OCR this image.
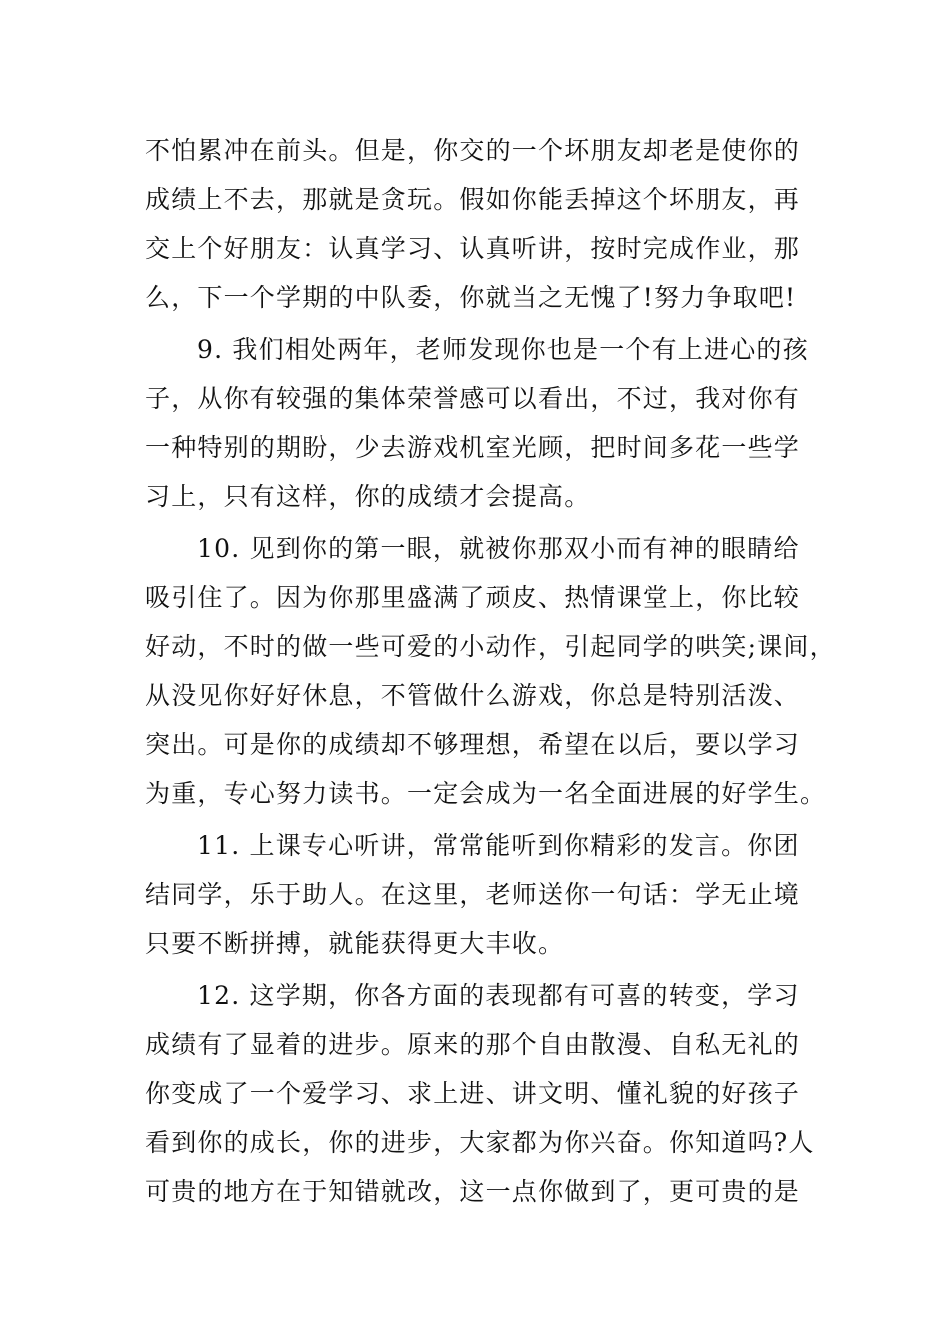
不怕累冲在前头。但是，你交的一个坏朋友却老是使你的
成绩上不去，那就是贪玩。假如你能丢掉这个坏朋友，再
交上个好朋友：认真学习、认真听讲，按时完成作业，那
么，下一个学期的中队委，你就当之无愧了!努力争取吧!
9. 我们相处两年，老师发现你也是一个有上进心的孩
子，从你有较强的集体荣誉感可以看出，不过，我对你有
一种特别的期盼，少去游戏机室光顾，把时间多花一些学
习上，只有这样，你的成绩才会提高。
10. 见到你的第一眼，就被你那双小而有神的眼睛给
吸引住了。因为你那里盛满了顽皮、热情课堂上，你比较
好动，不时的做一些可爱的小动作，引起同学的哄笑;课间，
从没见你好好休息，不管做什么游戏，你总是特别活泼、
突出。可是你的成绩却不够理想，希望在以后，要以学习
为重，专心努力读书。一定会成为一名全面进展的好学生。
11. 上课专心听讲，常常能听到你精彩的发言。你团
结同学，乐于助人。在这里，老师送你一句话：学无止境
只要不断拼搏，就能获得更大丰收。
12. 这学期，你各方面的表现都有可喜的转变，学习
成绩有了显着的进步。原来的那个自由散漫、自私无礼的
你变成了一个爱学习、求上进、讲文明、懂礼貌的好孩子
看到你的成长，你的进步，大家都为你兴奋。你知道吗?人
可贵的地方在于知错就改，这一点你做到了，更可贵的是
